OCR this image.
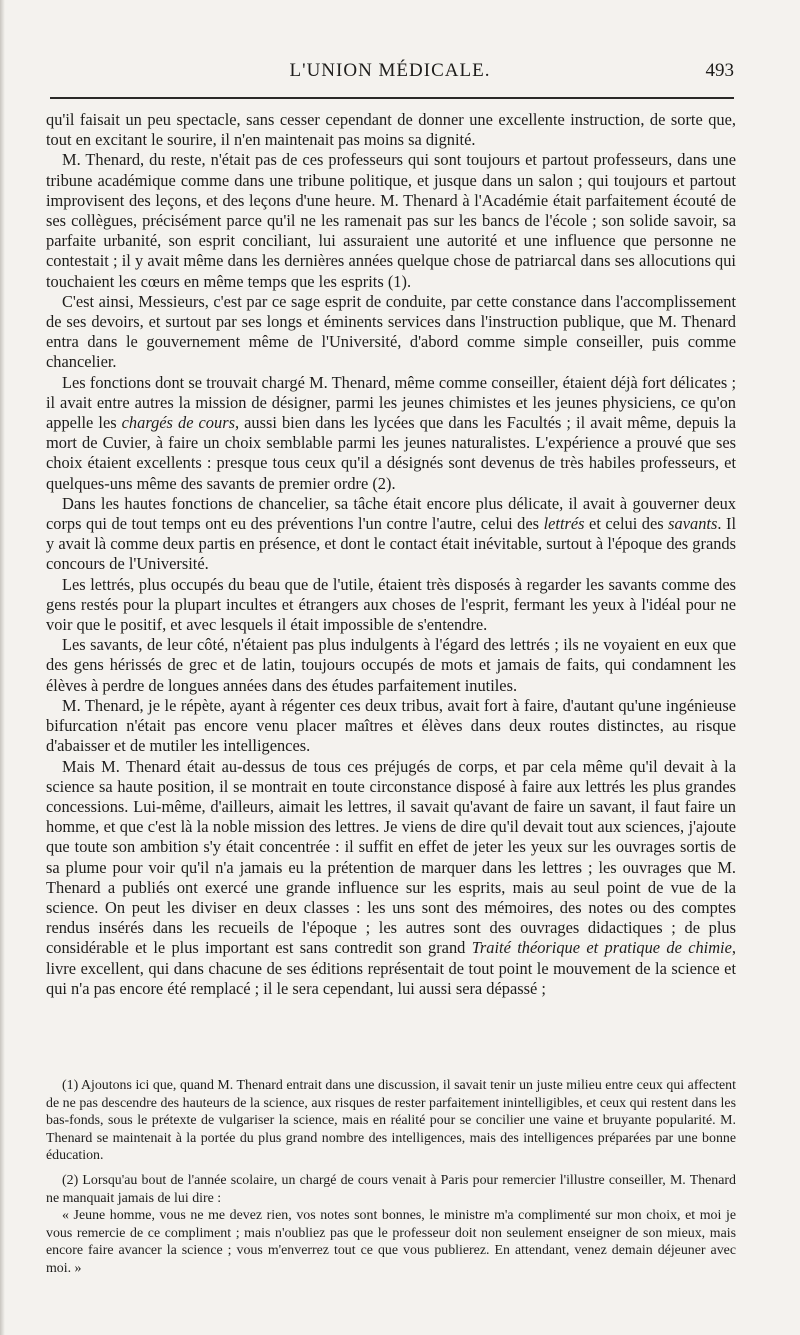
L'UNION MÉDICALE.	493

qu'il faisait un peu spectacle, sans cesser cependant de donner une excellente instruction, de sorte que, tout en excitant le sourire, il n'en maintenait pas moins sa dignité.

M. Thenard, du reste, n'était pas de ces professeurs qui sont toujours et partout professeurs, dans une tribune académique comme dans une tribune politique, et jusque dans un salon ; qui toujours et partout improvisent des leçons, et des leçons d'une heure. M. Thenard à l'Académie était parfaitement écouté de ses collègues, précisément parce qu'il ne les ramenait pas sur les bancs de l'école ; son solide savoir, sa parfaite urbanité, son esprit conciliant, lui assuraient une autorité et une influence que personne ne contestait ; il y avait même dans les dernières années quelque chose de patriarcal dans ses allocutions qui touchaient les cœurs en même temps que les esprits (1).

C'est ainsi, Messieurs, c'est par ce sage esprit de conduite, par cette constance dans l'accomplissement de ses devoirs, et surtout par ses longs et éminents services dans l'instruction publique, que M. Thenard entra dans le gouvernement même de l'Université, d'abord comme simple conseiller, puis comme chancelier.

Les fonctions dont se trouvait chargé M. Thenard, même comme conseiller, étaient déjà fort délicates ; il avait entre autres la mission de désigner, parmi les jeunes chimistes et les jeunes physiciens, ce qu'on appelle les chargés de cours, aussi bien dans les lycées que dans les Facultés ; il avait même, depuis la mort de Cuvier, à faire un choix semblable parmi les jeunes naturalistes. L'expérience a prouvé que ses choix étaient excellents : presque tous ceux qu'il a désignés sont devenus de très habiles professeurs, et quelques-uns même des savants de premier ordre (2).

Dans les hautes fonctions de chancelier, sa tâche était encore plus délicate, il avait à gouverner deux corps qui de tout temps ont eu des préventions l'un contre l'autre, celui des lettrés et celui des savants. Il y avait là comme deux partis en présence, et dont le contact était inévitable, surtout à l'époque des grands concours de l'Université.

Les lettrés, plus occupés du beau que de l'utile, étaient très disposés à regarder les savants comme des gens restés pour la plupart incultes et étrangers aux choses de l'esprit, fermant les yeux à l'idéal pour ne voir que le positif, et avec lesquels il était impossible de s'entendre.

Les savants, de leur côté, n'étaient pas plus indulgents à l'égard des lettrés ; ils ne voyaient en eux que des gens hérissés de grec et de latin, toujours occupés de mots et jamais de faits, qui condamnent les élèves à perdre de longues années dans des études parfaitement inutiles.

M. Thenard, je le répète, ayant à régenter ces deux tribus, avait fort à faire, d'autant qu'une ingénieuse bifurcation n'était pas encore venu placer maîtres et élèves dans deux routes distinctes, au risque d'abaisser et de mutiler les intelligences.

Mais M. Thenard était au-dessus de tous ces préjugés de corps, et par cela même qu'il devait à la science sa haute position, il se montrait en toute circonstance disposé à faire aux lettrés les plus grandes concessions. Lui-même, d'ailleurs, aimait les lettres, il savait qu'avant de faire un savant, il faut faire un homme, et que c'est là la noble mission des lettres. Je viens de dire qu'il devait tout aux sciences, j'ajoute que toute son ambition s'y était concentrée : il suffit en effet de jeter les yeux sur les ouvrages sortis de sa plume pour voir qu'il n'a jamais eu la prétention de marquer dans les lettres ; les ouvrages que M. Thenard a publiés ont exercé une grande influence sur les esprits, mais au seul point de vue de la science. On peut les diviser en deux classes : les uns sont des mémoires, des notes ou des comptes rendus insérés dans les recueils de l'époque ; les autres sont des ouvrages didactiques ; de plus considérable et le plus important est sans contredit son grand Traité théorique et pratique de chimie, livre excellent, qui dans chacune de ses éditions représentait de tout point le mouvement de la science et qui n'a pas encore été remplacé ; il le sera cependant, lui aussi sera dépassé ;

(1) Ajoutons ici que, quand M. Thenard entrait dans une discussion, il savait tenir un juste milieu entre ceux qui affectent de ne pas descendre des hauteurs de la science, aux risques de rester parfaitement inintelligibles, et ceux qui restent dans les bas-fonds, sous le prétexte de vulgariser la science, mais en réalité pour se concilier une vaine et bruyante popularité. M. Thenard se maintenait à la portée du plus grand nombre des intelligences, mais des intelligences préparées par une bonne éducation.

(2) Lorsqu'au bout de l'année scolaire, un chargé de cours venait à Paris pour remercier l'illustre conseiller, M. Thenard ne manquait jamais de lui dire :

« Jeune homme, vous ne me devez rien, vos notes sont bonnes, le ministre m'a complimenté sur mon choix, et moi je vous remercie de ce compliment ; mais n'oubliez pas que le professeur doit non seulement enseigner de son mieux, mais encore faire avancer la science ; vous m'enverrez tout ce que vous publierez. En attendant, venez demain déjeuner avec moi. »
